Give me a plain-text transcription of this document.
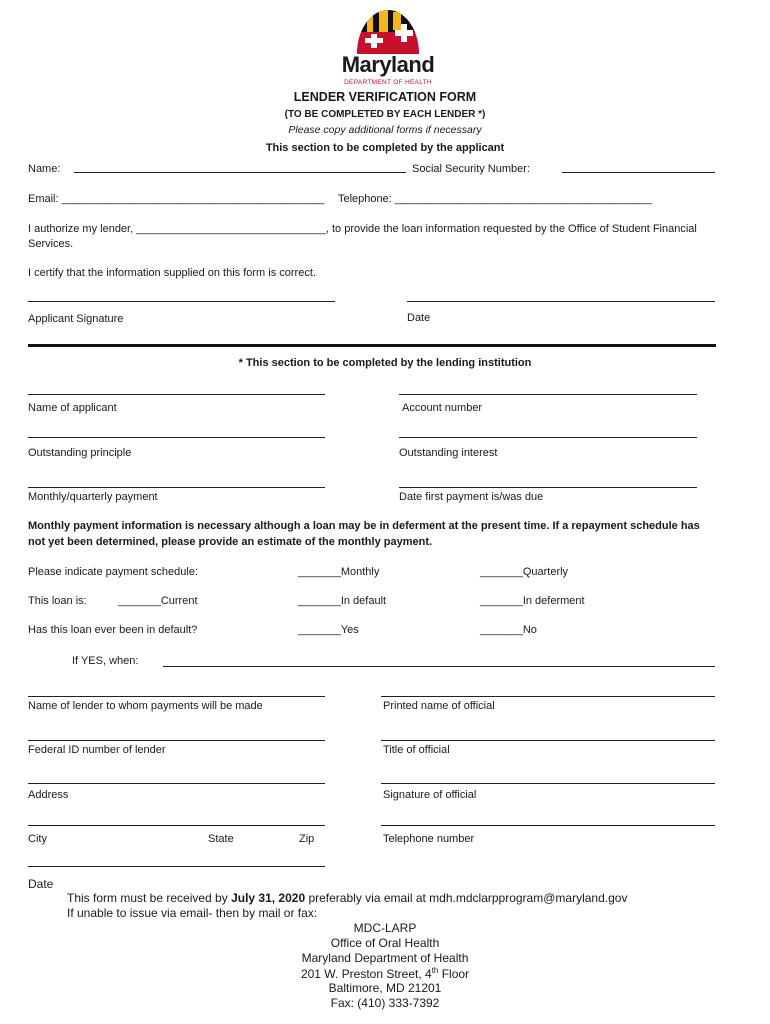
Maryland
DEPARTMENT OF HEALTH
LENDER VERIFICATION FORM
(TO BE COMPLETED BY EACH LENDER *)
Please copy additional forms if necessary
This section to be completed by the applicant
Name:	Social Security Number:
Email: ___________________________________________ Telephone: __________________________________________
I authorize my lender, _______________________________, to provide the loan information requested by the Office of Student Financial
Services.
I certify that the information supplied on this form is correct.
Applicant Signature	Date
* This section to be completed by the lending institution
Name of applicant	Account number
Outstanding principle	Outstanding interest
Monthly/quarterly payment	Date first payment is/was due
Monthly payment information is necessary although a loan may be in deferment at the present time. If a repayment schedule has
not yet been determined, please provide an estimate of the monthly payment.
Please indicate payment schedule:	_______Monthly	_______Quarterly
This loan is:	_______Current	_______In default	_______In deferment
Has this loan ever been in default?	_______Yes	_______No
If YES, when:
Name of lender to whom payments will be made	Printed name of official
Federal ID number of lender	Title of official
Address	Signature of official
City	State	Zip	Telephone number
Date
This form must be received by July 31, 2020 preferably via email at mdh.mdclarpprogram@maryland.gov
If unable to issue via email- then by mail or fax:
MDC-LARP
Office of Oral Health
Maryland Department of Health
201 W. Preston Street, 4th Floor
Baltimore, MD 21201
Fax: (410) 333-7392
